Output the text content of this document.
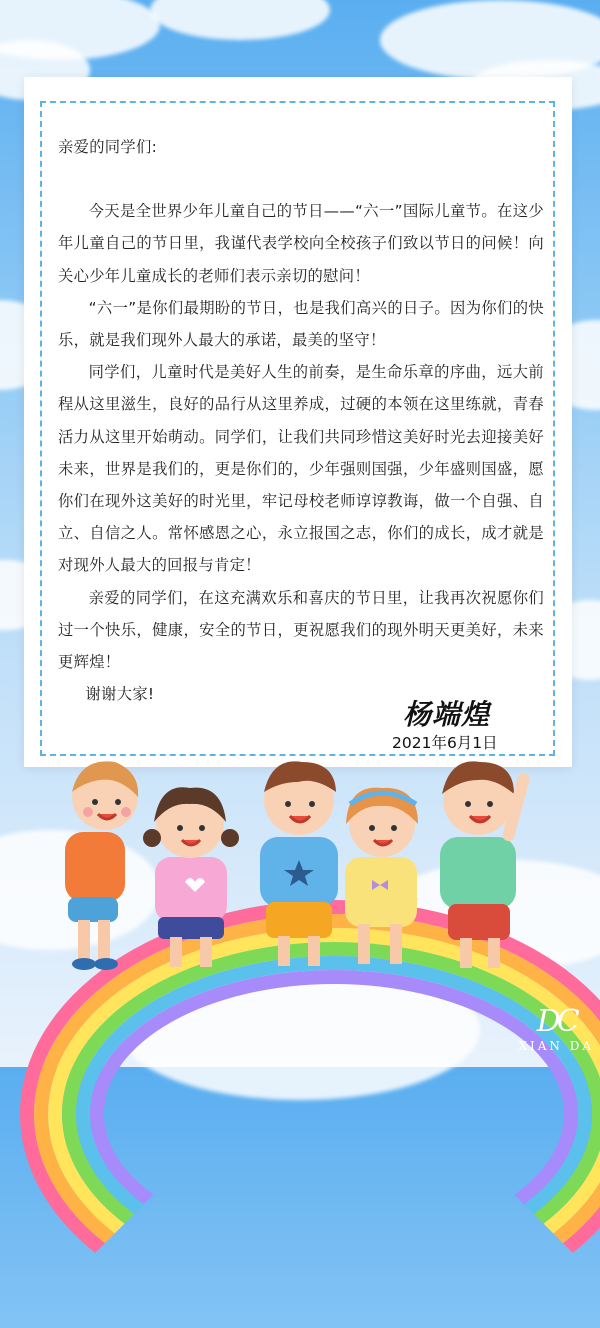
亲爱的同学们:

今天是全世界少年儿童自己的节日——“六一”国际儿童节。在这少年儿童自己的节日里，我谨代表学校向全校孩子们致以节日的问候！向关心少年儿童成长的老师们表示亲切的慰问！

“六一”是你们最期盼的节日，也是我们高兴的日子。因为你们的快乐，就是我们现外人最大的承诺，最美的坚守！

同学们，儿童时代是美好人生的前奏，是生命乐章的序曲，远大前程从这里滋生，良好的品行从这里养成，过硬的本领在这里练就，青春活力从这里开始萌动。同学们，让我们共同珍惜这美好时光去迎接美好未来，世界是我们的，更是你们的，少年强则国强，少年盛则国盛，愿你们在现外这美好的时光里，牢记母校老师谆谆教诲，做一个自强、自立、自信之人。常怀感恩之心，永立报国之志，你们的成长，成才就是对现外人最大的回报与肯定！

亲爱的同学们，在这充满欢乐和喜庆的节日里，让我再次祝愿你们过一个快乐，健康，安全的节日，更祝愿我们的现外明天更美好，未来更辉煌！

谢谢大家!

杨端煌
2021年6月1日
DC
XIAN DA
